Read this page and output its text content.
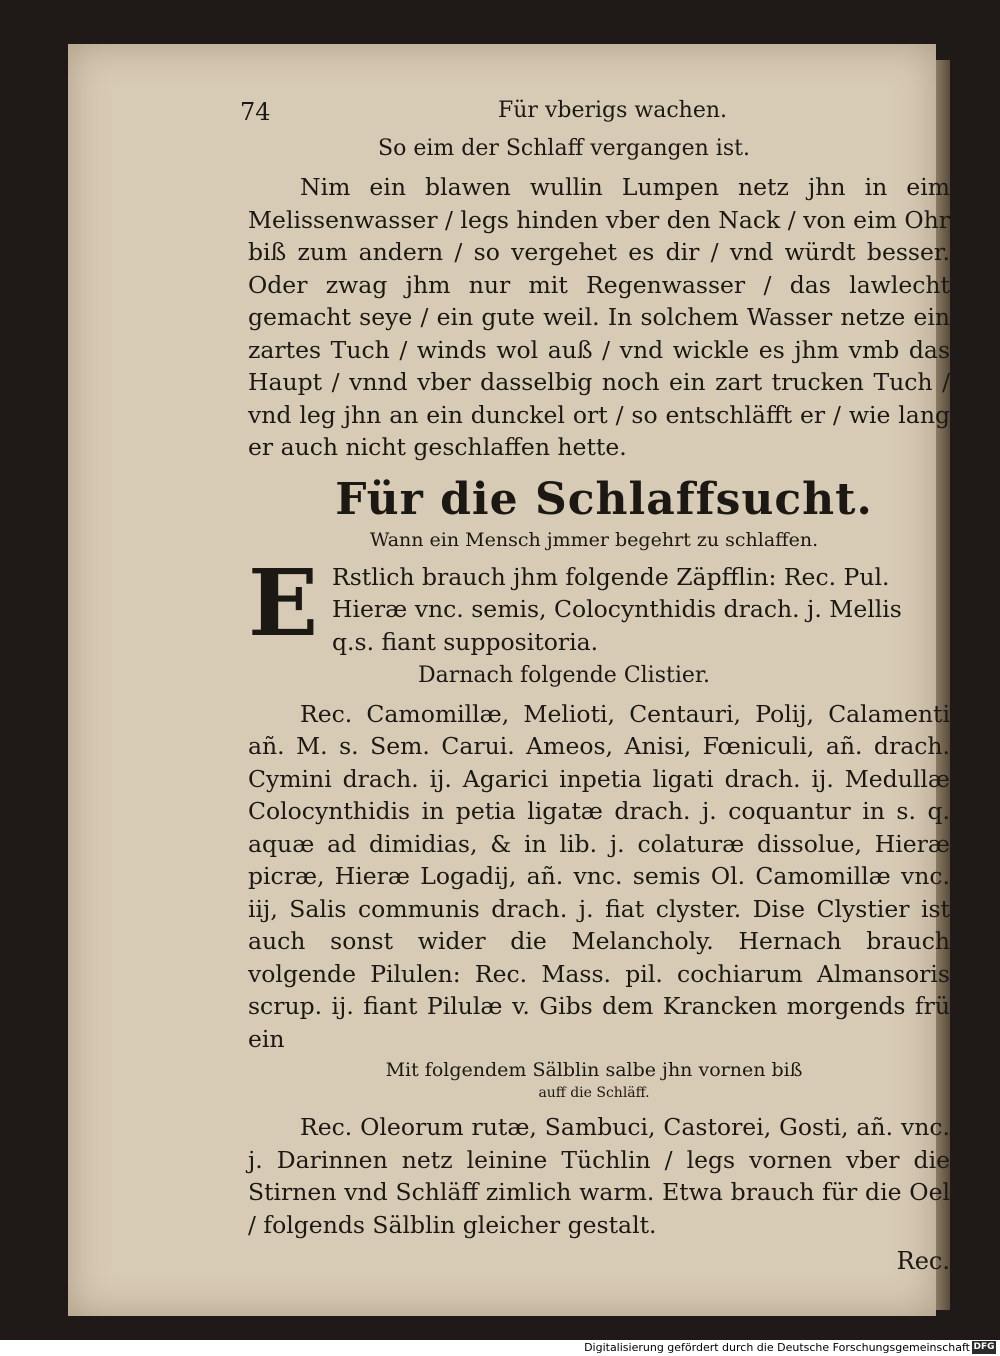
74	Für vberigs wachen.
So eim der Schlaff vergangen ist.

Nim ein blawen wullin Lumpen netz jhn in eim Melissenwasser / legs hinden vber den Nack / von eim Ohr biß zum andern / so vergehet es dir / vnd würdt besser. Oder zwag jhm nur mit Regenwasser / das lawlecht gemacht seye / ein gute weil. In solchem Wasser netze ein zartes Tuch / winds wol auß / vnd wickle es jhm vmb das Haupt / vnnd vber dasselbig noch ein zart trucken Tuch / vnd leg jhn an ein dunckel ort / so entschläfft er / wie lang er auch nicht geschlaffen hette.

Für die Schlaffsucht.
Wann ein Mensch jmmer begehrt zu schlaffen.
E Rstlich brauch jhm folgende Zäpfflin: Rec. Pul. Hieræ vnc. semis, Colocynthidis drach. j. Mellis q.s. fiant suppositoria.
Darnach folgende Clistier.

Rec. Camomillæ, Melioti, Centauri, Polij, Calamenti añ. M. s. Sem. Carui. Ameos, Anisi, Fœniculi, añ. drach. Cymini drach. ij. Agarici inpetia ligati drach. ij. Medullæ Colocynthidis in petia ligatæ drach. j. coquantur in s. q. aquæ ad dimidias, & in lib. j. colaturæ dissolue, Hieræ picræ, Hieræ Logadij, añ. vnc. semis Ol. Camomillæ vnc. iij, Salis communis drach. j. fiat clyster. Dise Clystier ist auch sonst wider die Melancholy. Hernach brauch volgende Pilulen: Rec. Mass. pil. cochiarum Almansoris scrup. ij. fiant Pilulæ v. Gibs dem Krancken morgends frü ein

Mit folgendem Sälblin salbe jhn vornen biß
auff die Schläff.

Rec. Oleorum rutæ, Sambuci, Castorei, Gosti, añ. vnc. j. Darinnen netz leinine Tüchlin / legs vornen vber die Stirnen vnd Schläff zimlich warm. Etwa brauch für die Oel / folgends Sälblin gleicher gestalt.

Rec.
Digitalisierung gefördert durch die Deutsche Forschungsgemeinschaft DFG
